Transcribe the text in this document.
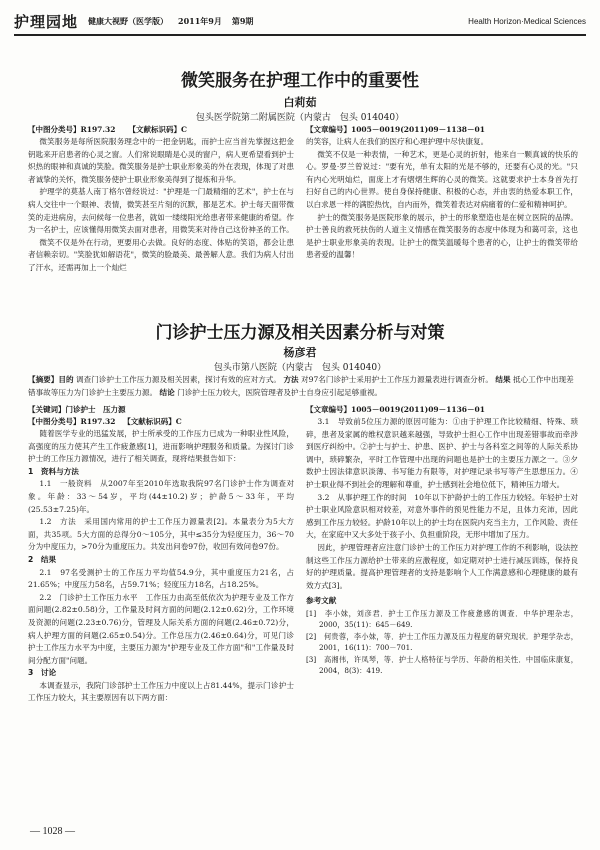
护理园地 健康大视野（医学版） 2011年9月 第9期	Health Horizon·Medical Sciences
微笑服务在护理工作中的重要性
白莉茹
包头医学院第二附属医院（内蒙古　包头 014040）
【中图分类号】R197.32 【文献标识码】C

微笑服务是每所医院服务理念中的一把金钥匙，而护士应当首先掌握这把金钥匙来开启患者的心灵之窗。人们常说眼睛是心灵的窗户，病人更希望看到护士炽热的眼神和真诚的笑脸。微笑服务是护士职业形象美的外在表现，体现了对患者诚挚的关怀，微笑服务使护士职业形象美得到了提炼和升华。

护理学的莫基人南丁格尔曾经说过："护理是一门最精细的艺术"，护士在与病人交往中一个眼神、表情，微笑甚至片刻的沉默，都是艺术。护士每天面带微笑的走进病房，去问候每一位患者，就如一缕缕阳光给患者带来健康的希望。作为一名护士，应该懂得用微笑去面对患者，用微笑来对待自己这份神圣的工作。

微笑不仅是外在行动，更要用心去做。良好的态度、体贴的笑语，都会让患者信赖亲切。"笑脸犹如解语花"，微笑的脸最美、最善解人意。我们为病人付出了汗水，还需再加上一个灿烂

【文章编号】1005－0019(2011)09－1138－01

的笑容，让病人在我们的医疗和心理护理中尽快康复。

微笑不仅是一种表情，一种艺术，更是心灵的折射，他来自一颗真诚的快乐的心。罗曼·罗兰曾说过："要有光，单有太阳的光是不够的，还要有心灵的光。"只有内心光明灿烂，面庞上才有熠熠生辉的心灵的微笑。这就要求护士本身首先打扫好自己的内心世界。使自身保持健康、积极的心态，并由衷的热爱本职工作，以白求恩一样的满腔热忱，自内而外，微笑着表达对病痛着的仁爱和精神呵护。

护士的微笑服务是医院形象的展示，护士的形象塑造也是在树立医院的品牌。护士善良的救死扶伤的人道主义情感在微笑服务的态度中体现为和蔼可亲，这也是护士职业形象美的表现。让护士的微笑温暖每个患者的心，让护士的微笑带给患者爱的温馨！

门诊护士压力源及相关因素分析与对策
杨彦君
包头市第八医院（内蒙古　包头 014040）
【摘要】目的 调查门诊护士工作压力源及相关因素，探讨有效的应对方式。 方法 对97名门诊护士采用护士工作压力源量表进行调查分析。 结果 抵心工作中出现差错事故等压力为门诊护士主要压力源。 结论 门诊护士压力较大，医院管理者及护士自身应引起足够重视。
【关键词】门诊护士　压力源
【中图分类号】R197.32 【文献标识码】C

随着医学专业的迅猛发展，护士所承受的工作压力已成为一种职业性风险，高强度的压力使其产生工作疲惫感[1]，进而影响护理服务和质量。为探讨门诊护士的工作压力源情况，进行了相关调查，现将结果报告如下：

1　资料与方法

1.1　一般资料　从2007年至2010年选取我院97名门诊护士作为调查对象。年龄：33～54岁，平均(44±10.2)岁；护龄5～33年，平均(25.53±7.25)年。

1.2　方法　采用国内常用的护士工作压力源量表[2]。本量表分为5大方面，共35项。5大方面的总得分0～105分，其中≤35分为轻度压力，36～70分为中度压力，>70分为重度压力。共发出问卷97份，收回有效问卷97份。

2　结果

2.1　97名受测护士的工作压力平均值54.9分，其中重度压力21名，占21.65%；中度压力58名，占59.71%；轻度压力18名，占18.25%。

2.2　门诊护士工作压力水平　工作压力由高至低依次为护理专业及工作方面问题(2.82±0.58)分，工作量及时间方面的问题(2.12±0.62)分，工作环境及资源的问题(2.23±0.76)分，管理及人际关系方面的问题(2.46±0.72)分，病人护理方面的问题(2.65±0.54)分。工作总压力(2.46±0.64)分，可见门诊护士工作压力水平为中度，主要压力源为"护理专业及工作方面"和"工作量及时间分配方面"问题。

3　讨论

本调查显示，我院门诊部护士工作压力中度以上占81.44%，提示门诊护士工作压力较大，其主要原因有以下两方面：

【文章编号】1005－0019(2011)09－1136－01

3.1　导致前5位压力源的原因可能为：①由于护理工作比较精细、特殊、琐碎，患者及家属的维权意识越来越强，导致护士担心工作中出现差错事故而牵涉到医疗纠纷中。②护士与护士、护患、医护、护士与各科室之间等的人际关系协调中，琐碎繁杂，平时工作管理中出现的问题也是护士的主要压力源之一。③夕数护士因法律意识淡薄、书写能力有限等，对护理记录书写等产生思想压力。④护士职业得不到社会的理解和尊重，护士感到社会地位低下，精神压力增大。

3.2　从事护理工作的时间　10年以下护龄护士的工作压力较轻。年轻护士对护士职业风险意识相对较差，对意外事件的预见性能力不足，且体力充沛，因此感到工作压力较轻。护龄10年以上的护士均在医院内充当主力，工作风险、责任大，在家庭中又大多处于孩子小、负担重阶段，无形中增加了压力。

因此，护理管理者应注意门诊护士的工作压力对护理工作的不利影响，设法控制这些工作压力源给护士带来的应激程度，如定期对护士进行减压训练，保持良好的护理质量。提高护理管理者的支持是影响个人工作满意感和心理健康的最有效方式[3]。

参考文献
[1]　李小妹，刘彦君．护士工作压力源及工作疲惫感的调查．中华护理杂志，2000，35(11)：645－649.
[2]　何贵蓉，李小妹，等．护士工作压力源及压力程度的研究现状．护理学杂志，2001，16(11)：700－701.
[3]　高湘伟，许凤琴，等．护士人格特征与学历、年龄的相关性．中国临床康复，2004，8(3)：419.
— 1028 —
